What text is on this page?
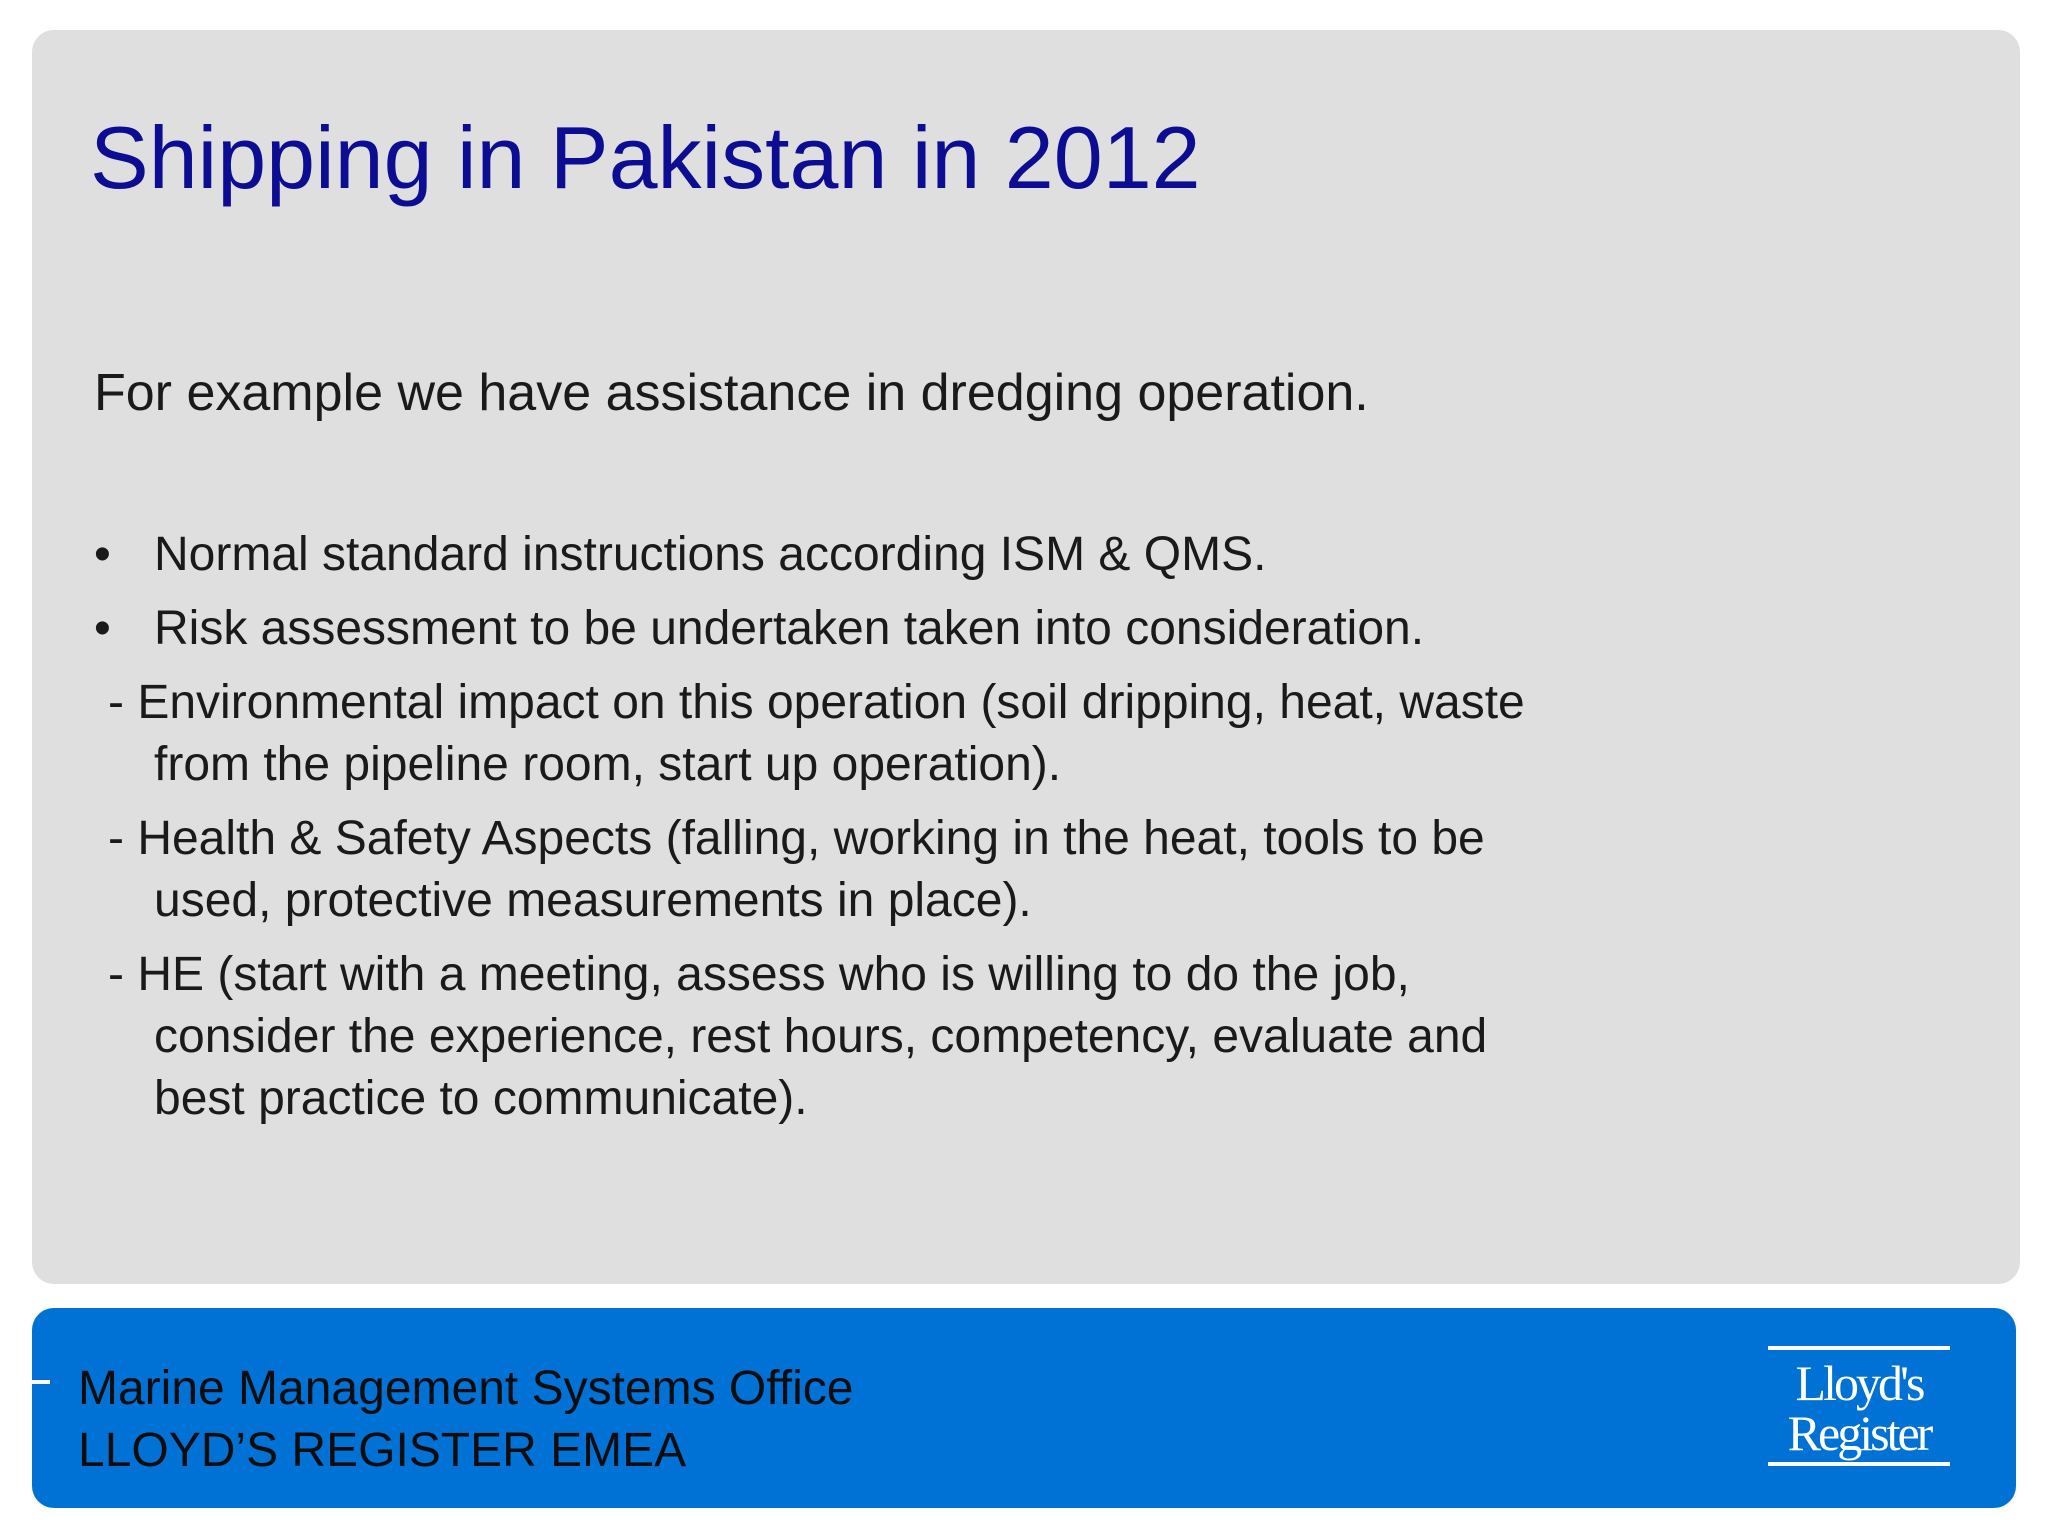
Shipping in Pakistan in 2012

For example we have assistance in dredging operation.

• Normal standard instructions according ISM & QMS.
• Risk assessment to be undertaken taken into consideration.
- Environmental impact on this operation (soil dripping, heat, waste
from the pipeline room, start up operation).
- Health & Safety Aspects (falling, working in the heat, tools to be
used, protective measurements in place).
- HE (start with a meeting, assess who is willing to do the job,
consider the experience, rest hours, competency, evaluate and
best practice to communicate).
Marine Management Systems Office
LLOYD’S REGISTER EMEA
Lloyd's
Register
